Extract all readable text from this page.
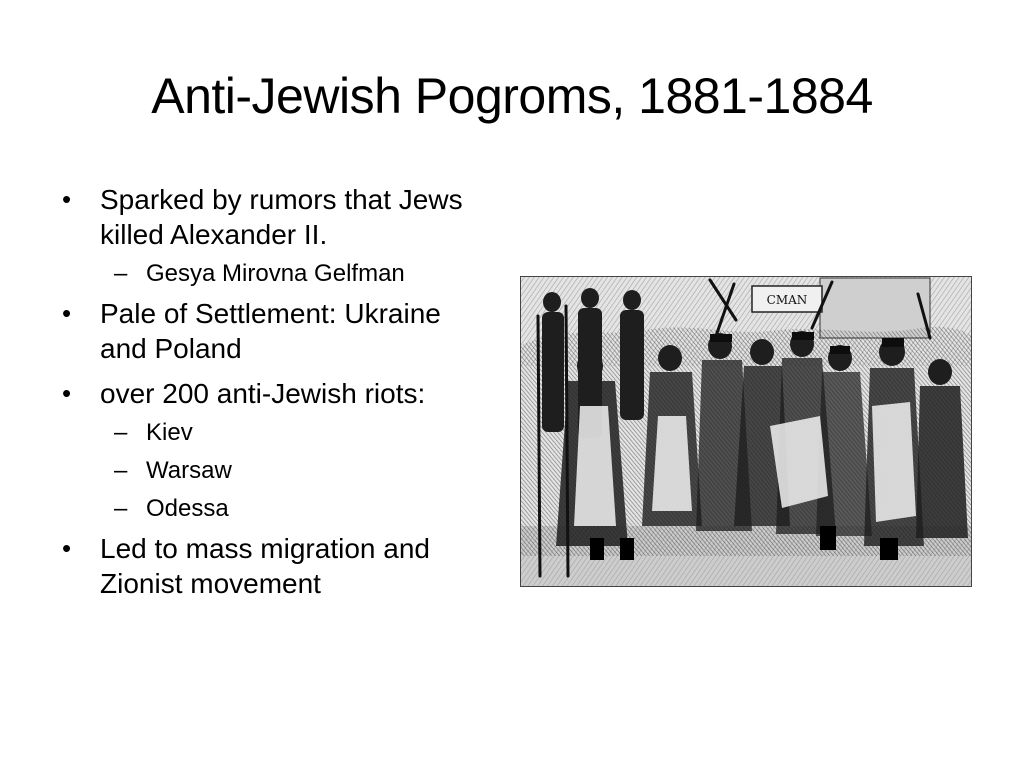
Anti-Jewish Pogroms, 1881-1884
• Sparked by rumors that Jews killed Alexander II.
– Gesya Mirovna Gelfman
• Pale of Settlement: Ukraine and Poland
• over 200 anti-Jewish riots:
– Kiev
– Warsaw
– Odessa
• Led to mass migration and Zionist movement
CMAN
